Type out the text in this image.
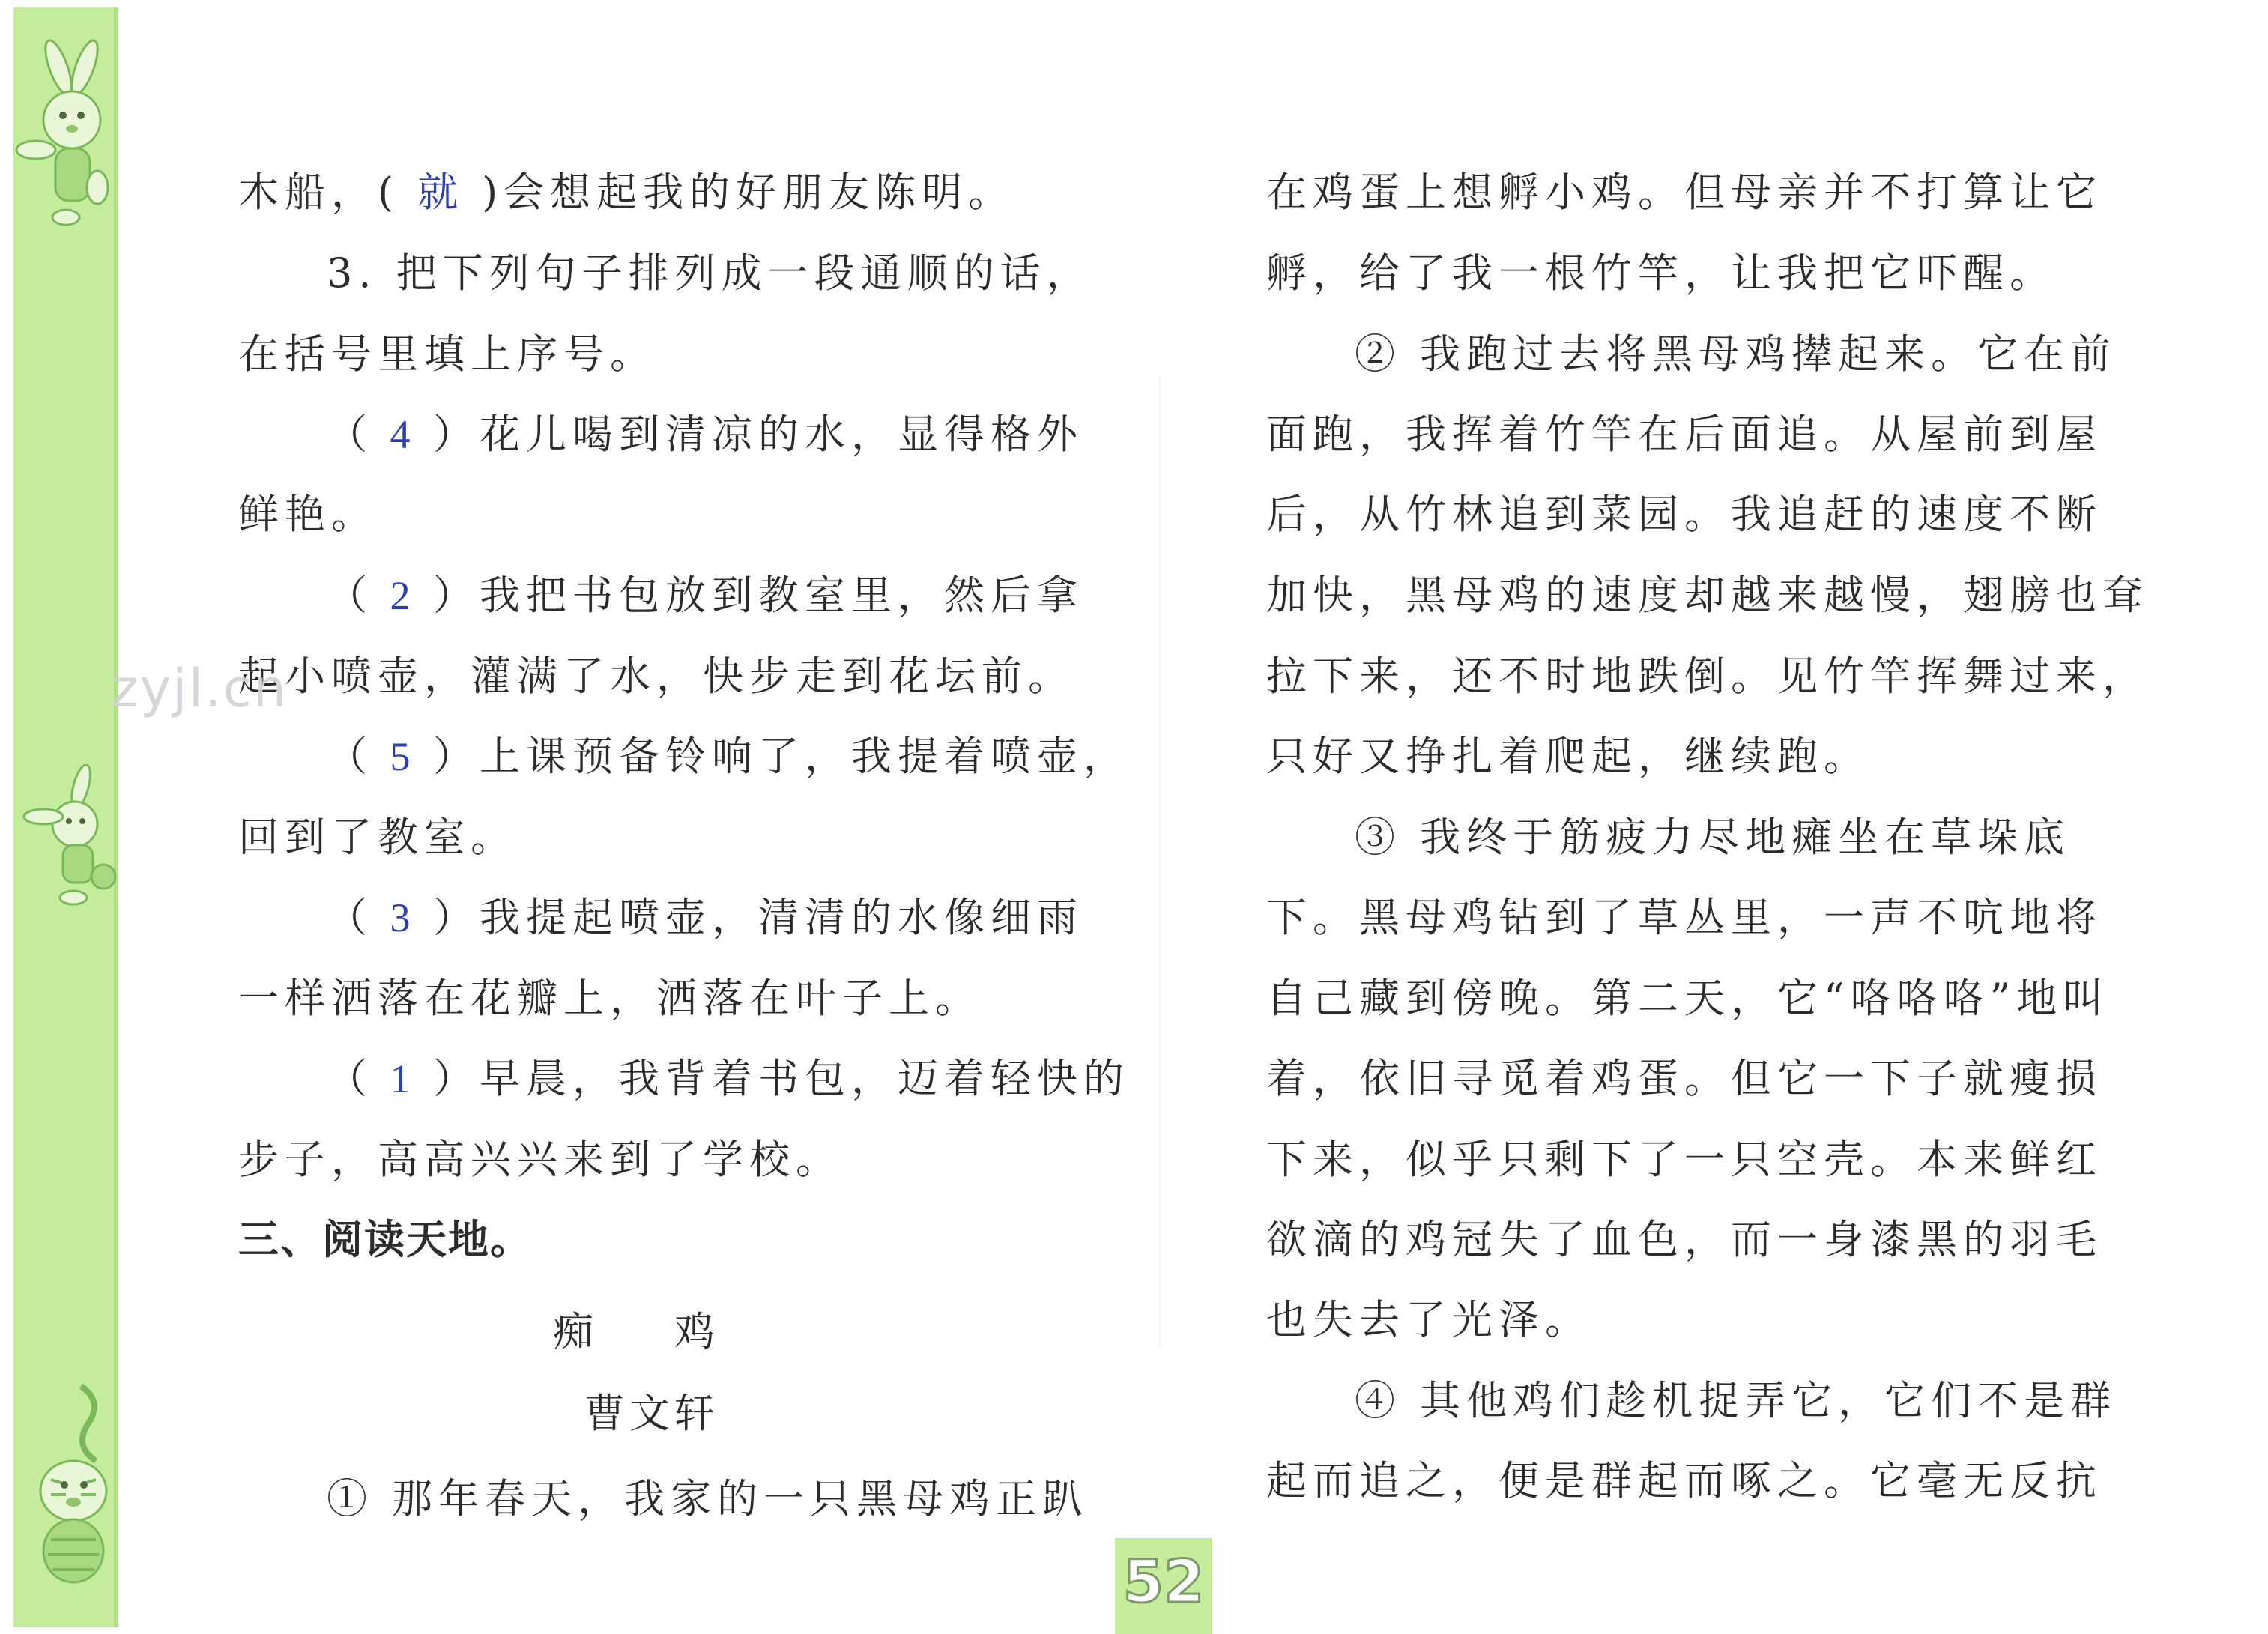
木船，( 就 )会想起我的好朋友陈明。
3. 把下列句子排列成一段通顺的话，
在括号里填上序号。
（ 4 ）花儿喝到清凉的水，显得格外
鲜艳。
（ 2 ）我把书包放到教室里，然后拿
起小喷壶，灌满了水，快步走到花坛前。
（ 5 ）上课预备铃响了，我提着喷壶，
回到了教室。
（ 3 ）我提起喷壶，清清的水像细雨
一样洒落在花瓣上，洒落在叶子上。
（ 1 ）早晨，我背着书包，迈着轻快的
步子，高高兴兴来到了学校。
三、阅读天地。
痴　　鸡
曹文轩
① 那年春天，我家的一只黑母鸡正趴
在鸡蛋上想孵小鸡。但母亲并不打算让它
孵，给了我一根竹竿，让我把它吓醒。
② 我跑过去将黑母鸡撵起来。它在前
面跑，我挥着竹竿在后面追。从屋前到屋
后，从竹林追到菜园。我追赶的速度不断
加快，黑母鸡的速度却越来越慢，翅膀也耷
拉下来，还不时地跌倒。见竹竿挥舞过来，
只好又挣扎着爬起，继续跑。
③ 我终于筋疲力尽地瘫坐在草垛底
下。黑母鸡钻到了草丛里，一声不吭地将
自己藏到傍晚。第二天，它“咯咯咯”地叫
着，依旧寻觅着鸡蛋。但它一下子就瘦损
下来，似乎只剩下了一只空壳。本来鲜红
欲滴的鸡冠失了血色，而一身漆黑的羽毛
也失去了光泽。
④ 其他鸡们趁机捉弄它，它们不是群
起而追之，便是群起而啄之。它毫无反抗
zyjl.cn
52
